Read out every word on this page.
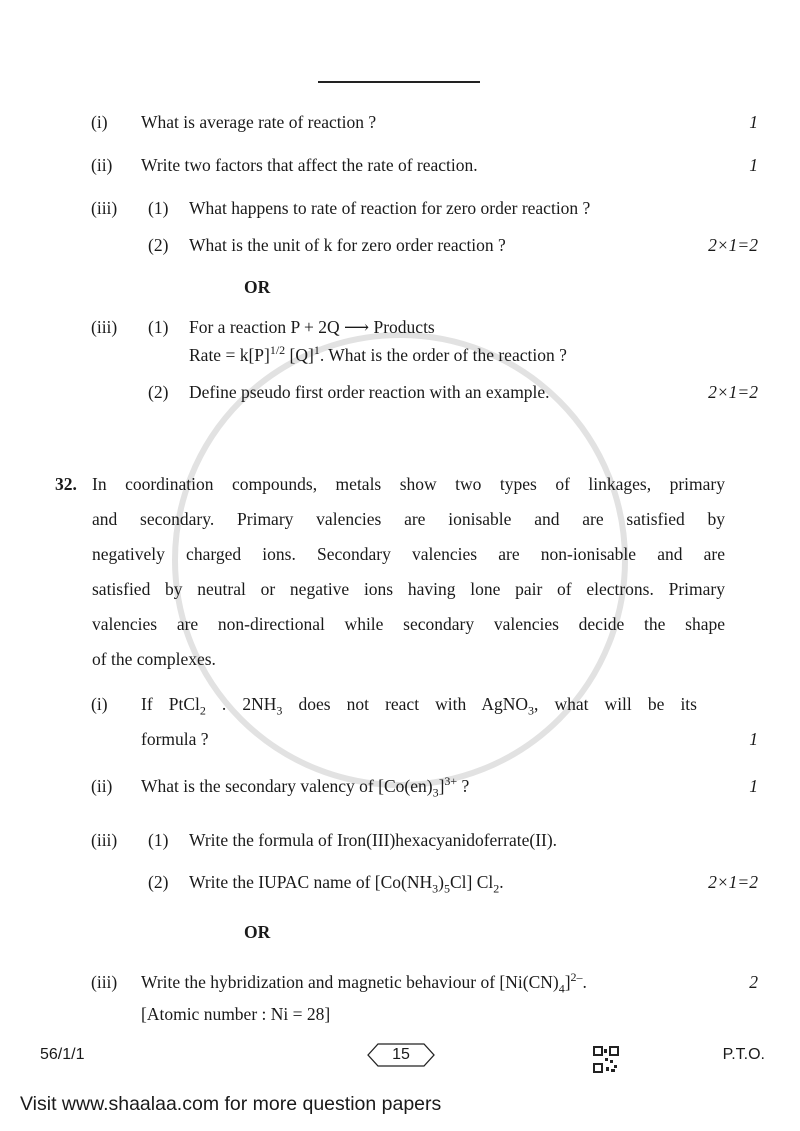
(i) What is average rate of reaction ?	1
(ii) Write two factors that affect the rate of reaction.	1
(iii) (1) What happens to rate of reaction for zero order reaction ?
(2) What is the unit of k for zero order reaction ?	2×1=2
OR
(iii) (1) For a reaction P + 2Q ⟶ Products
Rate = $k[P]^{1/2}$ $[Q]^1$. What is the order of the reaction ?
(2) Define pseudo first order reaction with an example.	2×1=2
32. In coordination compounds, metals show two types of linkages, primary
and secondary. Primary valencies are ionisable and are satisfied by
negatively charged ions. Secondary valencies are non-ionisable and are
satisfied by neutral or negative ions having lone pair of electrons. Primary
valencies are non-directional while secondary valencies decide the shape
of the complexes.
(i) If PtCl$_2$ . $2NH_3$ does not react with AgNO$_3$, what will be its
formula ?	1
(ii) What is the secondary valency of $[Co(en)_3]^{3+}$ ?	1
(iii) (1) Write the formula of Iron(III)hexacyanidoferrate(II).
(2) Write the IUPAC name of $[Co(NH_3)_5Cl]$ $Cl_2$.	2×1=2
OR
(iii) Write the hybridization and magnetic behaviour of $[Ni(CN)_4]^{2-}$.	2
[Atomic number : Ni = 28]
56/1/1	15	P.T.O.
Visit www.shaalaa.com for more question papers
